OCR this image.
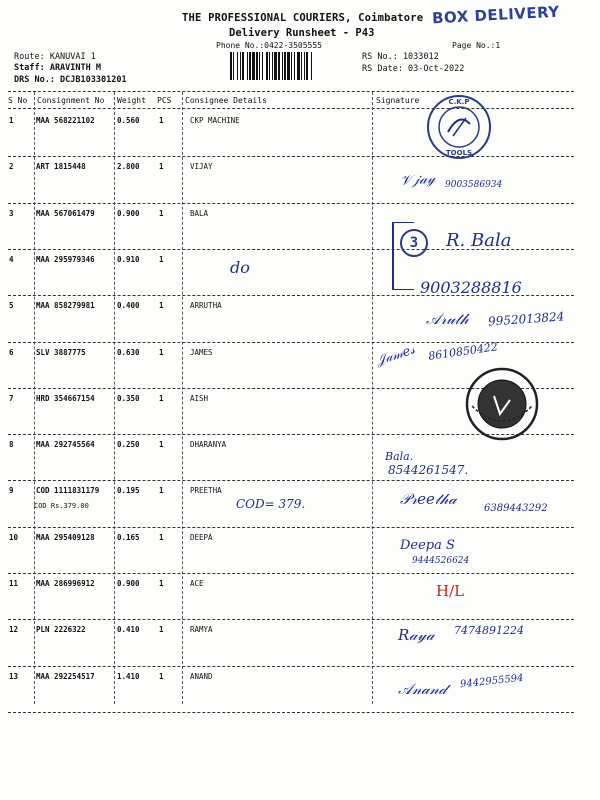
THE PROFESSIONAL COURIERS, Coimbatore
Delivery Runsheet - P43
Phone No.:0422-3505555	Page No.:1
BOX DELIVERY
Route: KANUVAI 1
Staff: ARAVINTH M
DRS No.: DCJB103301201
RS No.: 1033012
RS Date: 03-Oct-2022
S No Consignment No Weight PCS Consignee Details	Signature
1	MAA 568221102	0.560	1	CKP MACHINE
2	ART 1815448	2.800	1	VIJAY
3	MAA 567061479	0.900	1	BALA
4	MAA 295979346	0.910	1
5	MAA 858279981	0.400	1	ARRUTHA
6	SLV 3887775	0.630	1	JAMES
7	HRD 354667154	0.350	1	AISH
8	MAA 292745564	0.250	1	DHARANYA
9	COD 1111831179 0.195	1	PREETHA
10 MAA 295409128	0.165	1	DEEPA
11 MAA 286996912	0.900	1	ACE
12 PLN 2226322	0.410	1	RAMYA
13 MAA 292254517	1.410	1	ANAND
COD Rs.379.00
do
COD= 379.
𝒱𝒿𝒶𝓎 9003586934
3	R. Bala
9003288816
𝒜𝓇𝓊𝓉𝒽 9952013824
𝒥𝒶𝓂𝑒𝓈 8610850422
Bala.
8544261547.
𝒫𝓇𝑒𝑒𝓉𝒽𝒶
6389443292
Deepa S
9444526624
H/L
𝑅𝒶𝓎𝒶 7474891224
𝒜𝓃𝒶𝓃𝒹 9442955594
C.K.P
TOOLS
